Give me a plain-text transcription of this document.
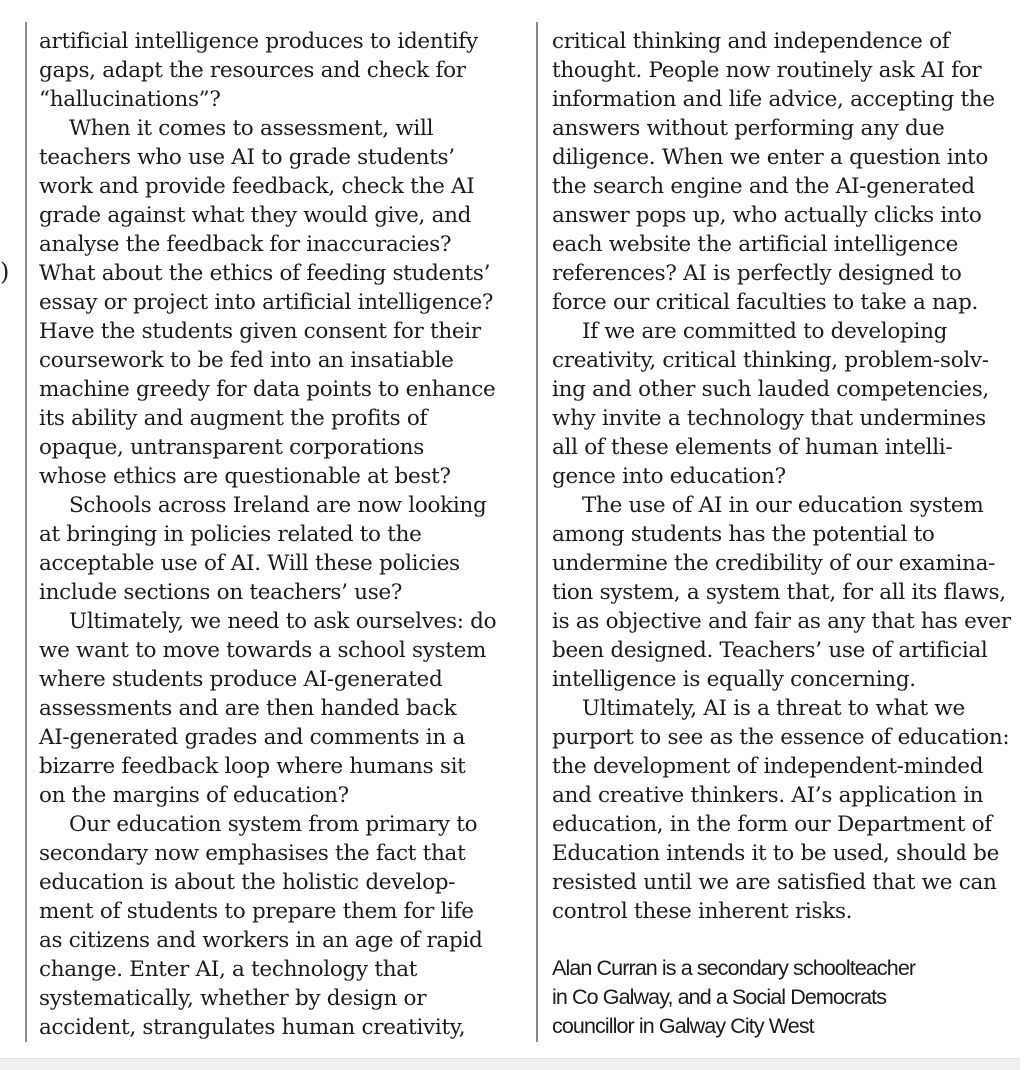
)
artificial intelligence produces to identify
gaps, adapt the resources and check for
“hallucinations”?
When it comes to assessment, will
teachers who use AI to grade students’
work and provide feedback, check the AI
grade against what they would give, and
analyse the feedback for inaccuracies?
What about the ethics of feeding students’
essay or project into artificial intelligence?
Have the students given consent for their
coursework to be fed into an insatiable
machine greedy for data points to enhance
its ability and augment the profits of
opaque, untransparent corporations
whose ethics are questionable at best?
Schools across Ireland are now looking
at bringing in policies related to the
acceptable use of AI. Will these policies
include sections on teachers’ use?
Ultimately, we need to ask ourselves: do
we want to move towards a school system
where students produce AI-generated
assessments and are then handed back
AI-generated grades and comments in a
bizarre feedback loop where humans sit
on the margins of education?
Our education system from primary to
secondary now emphasises the fact that
education is about the holistic develop-
ment of students to prepare them for life
as citizens and workers in an age of rapid
change. Enter AI, a technology that
systematically, whether by design or
accident, strangulates human creativity,
critical thinking and independence of
thought. People now routinely ask AI for
information and life advice, accepting the
answers without performing any due
diligence. When we enter a question into
the search engine and the AI-generated
answer pops up, who actually clicks into
each website the artificial intelligence
references? AI is perfectly designed to
force our critical faculties to take a nap.
If we are committed to developing
creativity, critical thinking, problem-solv-
ing and other such lauded competencies,
why invite a technology that undermines
all of these elements of human intelli-
gence into education?
The use of AI in our education system
among students has the potential to
undermine the credibility of our examina-
tion system, a system that, for all its flaws,
is as objective and fair as any that has ever
been designed. Teachers’ use of artificial
intelligence is equally concerning.
Ultimately, AI is a threat to what we
purport to see as the essence of education:
the development of independent-minded
and creative thinkers. AI’s application in
education, in the form our Department of
Education intends it to be used, should be
resisted until we are satisfied that we can
control these inherent risks.
Alan Curran is a secondary schoolteacher
in Co Galway, and a Social Democrats
councillor in Galway City West
